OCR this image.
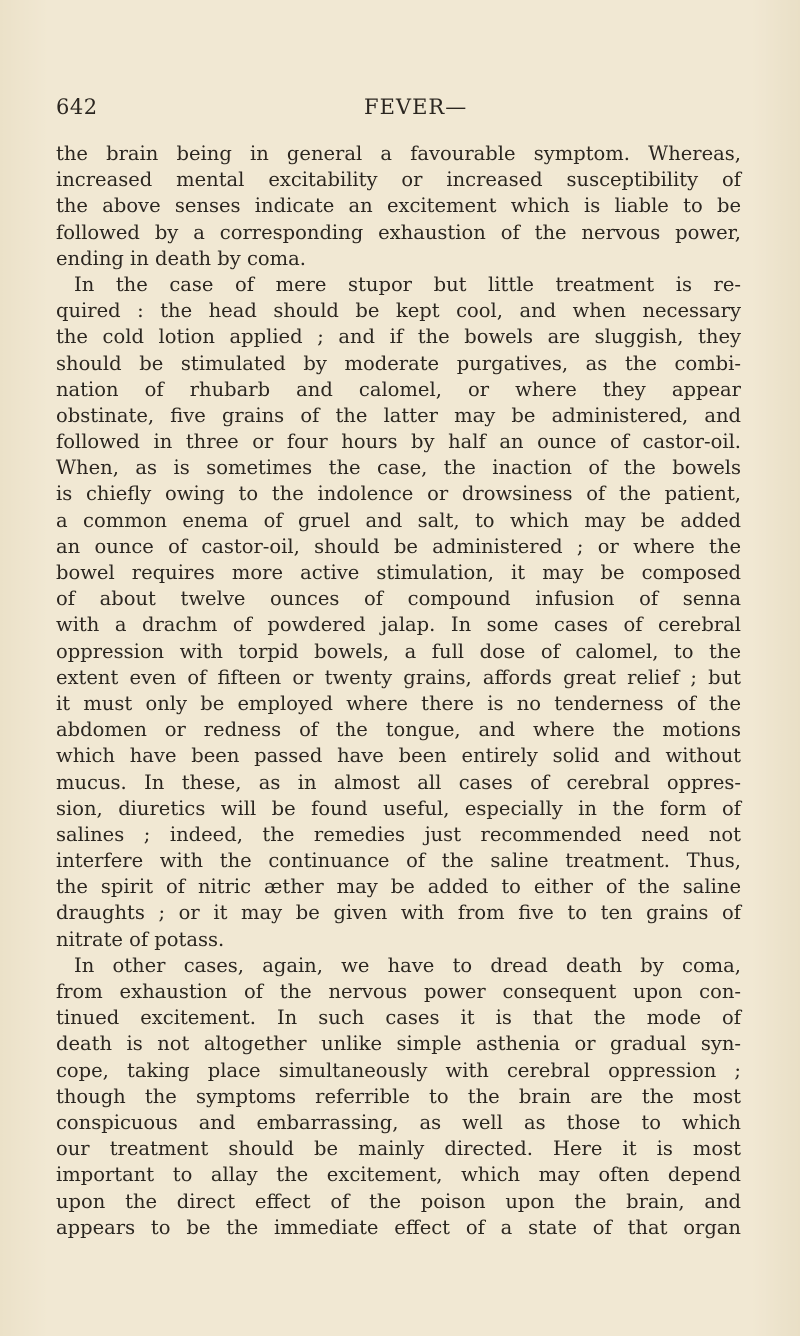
642	FEVER—
the brain being in general a favourable symptom. Whereas,
increased mental excitability or increased susceptibility of
the above senses indicate an excitement which is liable to be
followed by a corresponding exhaustion of the nervous power,
ending in death by coma.
In the case of mere stupor but little treatment is re-
quired : the head should be kept cool, and when necessary
the cold lotion applied ; and if the bowels are sluggish, they
should be stimulated by moderate purgatives, as the combi-
nation of rhubarb and calomel, or where they appear
obstinate, five grains of the latter may be administered, and
followed in three or four hours by half an ounce of castor-oil.
When, as is sometimes the case, the inaction of the bowels
is chiefly owing to the indolence or drowsiness of the patient,
a common enema of gruel and salt, to which may be added
an ounce of castor-oil, should be administered ; or where the
bowel requires more active stimulation, it may be composed
of about twelve ounces of compound infusion of senna
with a drachm of powdered jalap. In some cases of cerebral
oppression with torpid bowels, a full dose of calomel, to the
extent even of fifteen or twenty grains, affords great relief ; but
it must only be employed where there is no tenderness of the
abdomen or redness of the tongue, and where the motions
which have been passed have been entirely solid and without
mucus. In these, as in almost all cases of cerebral oppres-
sion, diuretics will be found useful, especially in the form of
salines ; indeed, the remedies just recommended need not
interfere with the continuance of the saline treatment. Thus,
the spirit of nitric æther may be added to either of the saline
draughts ; or it may be given with from five to ten grains of
nitrate of potass.
In other cases, again, we have to dread death by coma,
from exhaustion of the nervous power consequent upon con-
tinued excitement. In such cases it is that the mode of
death is not altogether unlike simple asthenia or gradual syn-
cope, taking place simultaneously with cerebral oppression ;
though the symptoms referrible to the brain are the most
conspicuous and embarrassing, as well as those to which
our treatment should be mainly directed. Here it is most
important to allay the excitement, which may often depend
upon the direct effect of the poison upon the brain, and
appears to be the immediate effect of a state of that organ
